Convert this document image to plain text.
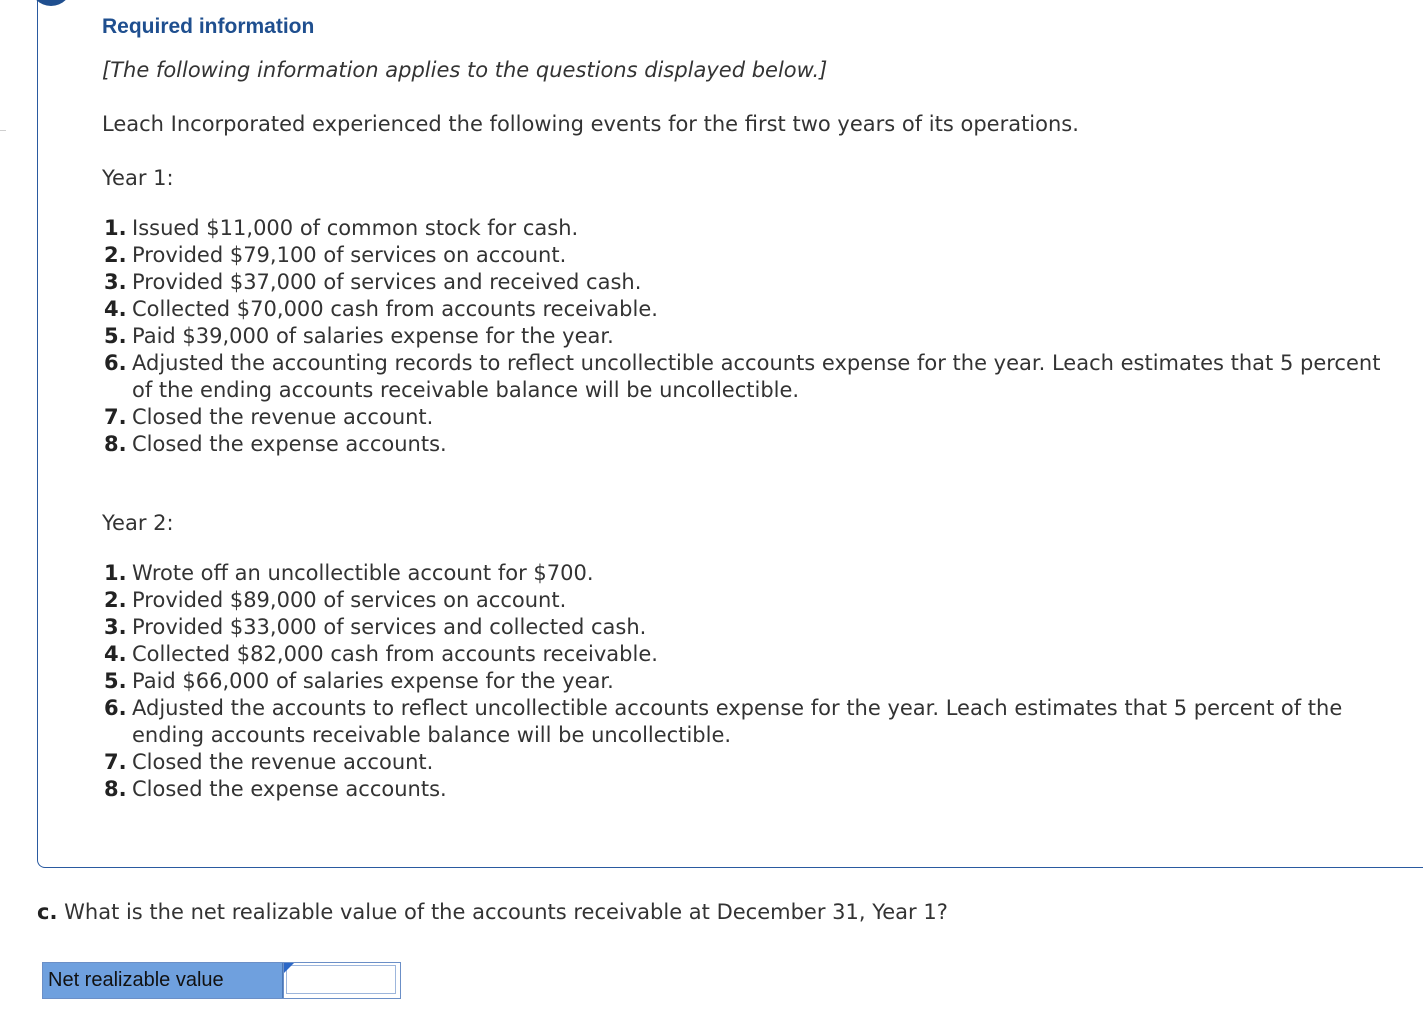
Required information
[The following information applies to the questions displayed below.]
Leach Incorporated experienced the following events for the first two years of its operations.
Year 1:
1. Issued $11,000 of common stock for cash.
2. Provided $79,100 of services on account.
3. Provided $37,000 of services and received cash.
4. Collected $70,000 cash from accounts receivable.
5. Paid $39,000 of salaries expense for the year.
6. Adjusted the accounting records to reflect uncollectible accounts expense for the year. Leach estimates that 5 percent of the ending accounts receivable balance will be uncollectible.
7. Closed the revenue account.
8. Closed the expense accounts.
Year 2:
1. Wrote off an uncollectible account for $700.
2. Provided $89,000 of services on account.
3. Provided $33,000 of services and collected cash.
4. Collected $82,000 cash from accounts receivable.
5. Paid $66,000 of salaries expense for the year.
6. Adjusted the accounts to reflect uncollectible accounts expense for the year. Leach estimates that 5 percent of the ending accounts receivable balance will be uncollectible.
7. Closed the revenue account.
8. Closed the expense accounts.
c. What is the net realizable value of the accounts receivable at December 31, Year 1?
Net realizable value
